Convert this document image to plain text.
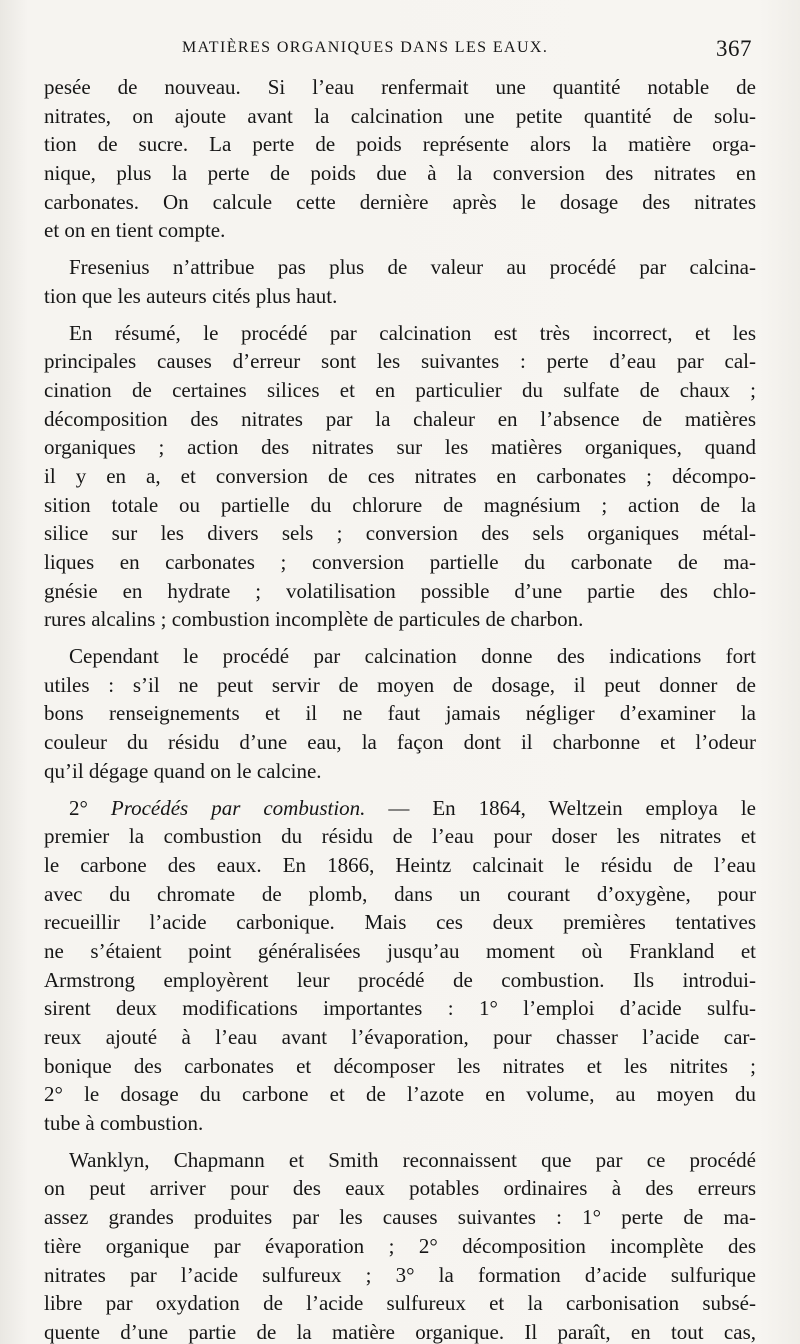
MATIÈRES ORGANIQUES DANS LES EAUX.	367
pesée de nouveau. Si l’eau renfermait une quantité notable de
nitrates, on ajoute avant la calcination une petite quantité de solu-
tion de sucre. La perte de poids représente alors la matière orga-
nique, plus la perte de poids due à la conversion des nitrates en
carbonates. On calcule cette dernière après le dosage des nitrates
et on en tient compte.
Fresenius n’attribue pas plus de valeur au procédé par calcina-
tion que les auteurs cités plus haut.
En résumé, le procédé par calcination est très incorrect, et les
principales causes d’erreur sont les suivantes : perte d’eau par cal-
cination de certaines silices et en particulier du sulfate de chaux ;
décomposition des nitrates par la chaleur en l’absence de matières
organiques ; action des nitrates sur les matières organiques, quand
il y en a, et conversion de ces nitrates en carbonates ; décompo-
sition totale ou partielle du chlorure de magnésium ; action de la
silice sur les divers sels ; conversion des sels organiques métal-
liques en carbonates ; conversion partielle du carbonate de ma-
gnésie en hydrate ; volatilisation possible d’une partie des chlo-
rures alcalins ; combustion incomplète de particules de charbon.
Cependant le procédé par calcination donne des indications fort
utiles : s’il ne peut servir de moyen de dosage, il peut donner de
bons renseignements et il ne faut jamais négliger d’examiner la
couleur du résidu d’une eau, la façon dont il charbonne et l’odeur
qu’il dégage quand on le calcine.
2° Procédés par combustion. — En 1864, Weltzein employa le
premier la combustion du résidu de l’eau pour doser les nitrates et
le carbone des eaux. En 1866, Heintz calcinait le résidu de l’eau
avec du chromate de plomb, dans un courant d’oxygène, pour
recueillir l’acide carbonique. Mais ces deux premières tentatives
ne s’étaient point généralisées jusqu’au moment où Frankland et
Armstrong employèrent leur procédé de combustion. Ils introdui-
sirent deux modifications importantes : 1° l’emploi d’acide sulfu-
reux ajouté à l’eau avant l’évaporation, pour chasser l’acide car-
bonique des carbonates et décomposer les nitrates et les nitrites ;
2° le dosage du carbone et de l’azote en volume, au moyen du
tube à combustion.
Wanklyn, Chapmann et Smith reconnaissent que par ce procédé
on peut arriver pour des eaux potables ordinaires à des erreurs
assez grandes produites par les causes suivantes : 1° perte de ma-
tière organique par évaporation ; 2° décomposition incomplète des
nitrates par l’acide sulfureux ; 3° la formation d’acide sulfurique
libre par oxydation de l’acide sulfureux et la carbonisation subsé-
quente d’une partie de la matière organique. Il paraît, en tout cas,
